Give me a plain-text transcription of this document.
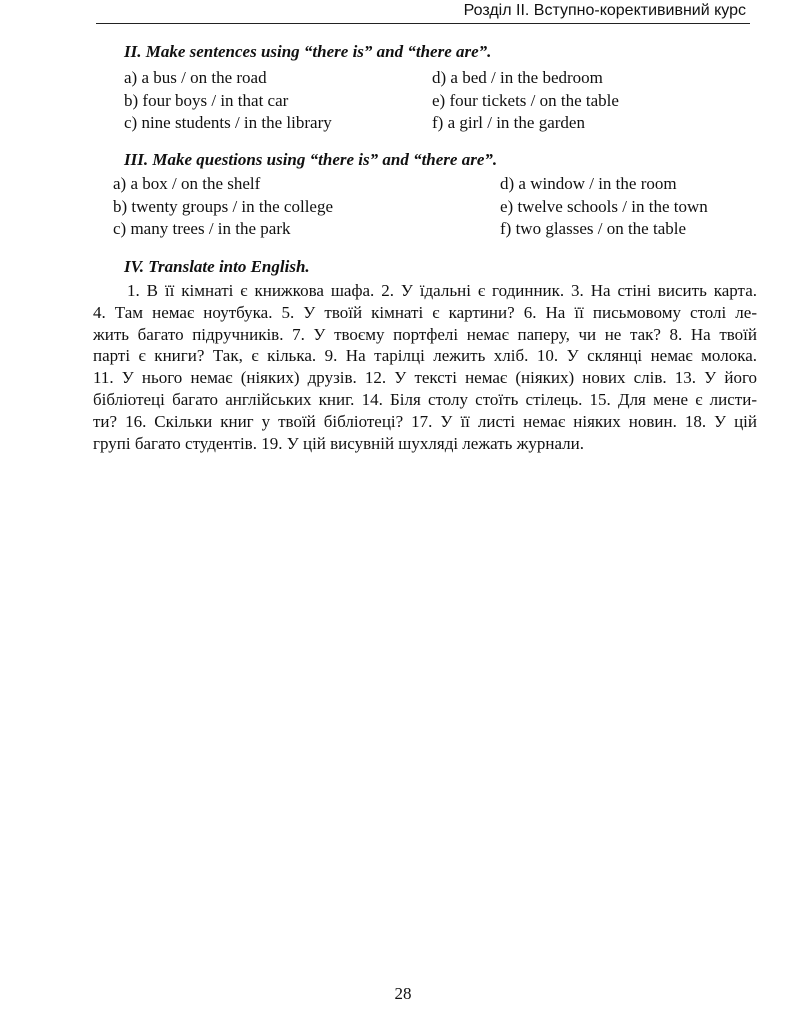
Розділ ІІ. Вступно-коректививний курс
II. Make sentences using “there is” and “there are”.
a) a bus / on the road
b) four boys / in that car
c) nine students / in the library
d) a bed / in the bedroom
e) four tickets / on the table
f) a girl / in the garden
III. Make questions using “there is” and “there are”.
a) a box / on the shelf
b) twenty groups / in the college
c) many trees / in the park
d) a window / in the room
e) twelve schools / in the town
f) two glasses / on the table
IV. Translate into English.
1. В її кімнаті є книжкова шафа. 2. У їдальні є годинник. 3. На стіні висить карта.
4. Там немає ноутбука. 5. У твоїй кімнаті є картини? 6. На її письмовому столі ле-
жить багато підручників. 7. У твоєму портфелі немає паперу, чи не так? 8. На твоїй
парті є книги? Так, є кілька. 9. На тарілці лежить хліб. 10. У склянці немає молока.
11. У нього немає (ніяких) друзів. 12. У тексті немає (ніяких) нових слів. 13. У його
бібліотеці багато англійських книг. 14. Біля столу стоїть стілець. 15. Для мене є листи-
ти? 16. Скільки книг у твоїй бібліотеці? 17. У її листі немає ніяких новин. 18. У цій
групі багато студентів. 19. У цій висувній шухляді лежать журнали.
28
